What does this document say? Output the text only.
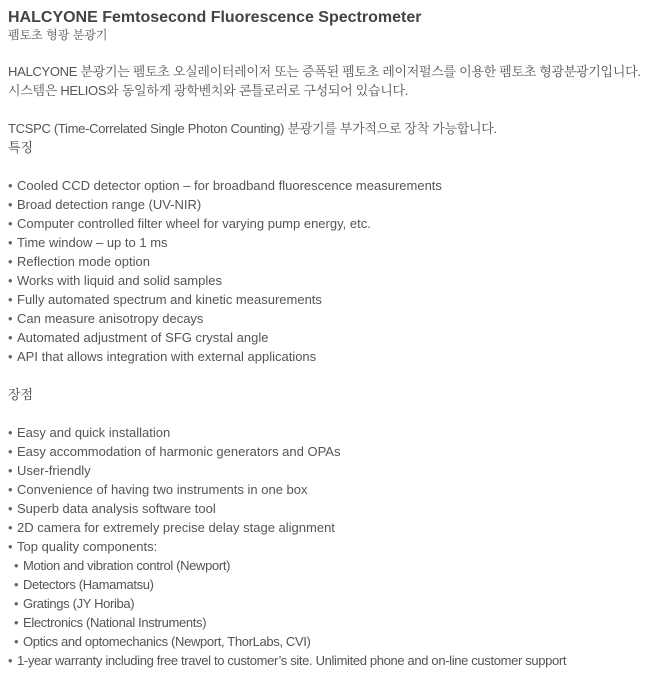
HALCYONE Femtosecond Fluorescence Spectrometer
펨토초 형광 분광기
HALCYONE 분광기는 펨토초 오실레이터레이저 또는 증폭된 펨토초 레이저펄스를 이용한 펨토초 형광분광기입니다.
시스템은 HELIOS와 동일하게 광학벤치와 콘틀로러로 구성되어 있습니다.
TCSPC (Time-Correlated Single Photon Counting) 분광기를 부가적으로 장착 가능합니다.
특징
• Cooled CCD detector option – for broadband fluorescence measurements
• Broad detection range (UV-NIR)
• Computer controlled filter wheel for varying pump energy, etc.
• Time window – up to 1 ms
• Reflection mode option
• Works with liquid and solid samples
• Fully automated spectrum and kinetic measurements
• Can measure anisotropy decays
• Automated adjustment of SFG crystal angle
• API that allows integration with external applications
장점
• Easy and quick installation
• Easy accommodation of harmonic generators and OPAs
• User-friendly
• Convenience of having two instruments in one box
• Superb data analysis software tool
• 2D camera for extremely precise delay stage alignment
• Top quality components:
• Motion and vibration control (Newport)
• Detectors (Hamamatsu)
• Gratings (JY Horiba)
• Electronics (National Instruments)
• Optics and optomechanics (Newport, ThorLabs, CVI)
• 1-year warranty including free travel to customer’s site. Unlimited phone and on-line customer support
